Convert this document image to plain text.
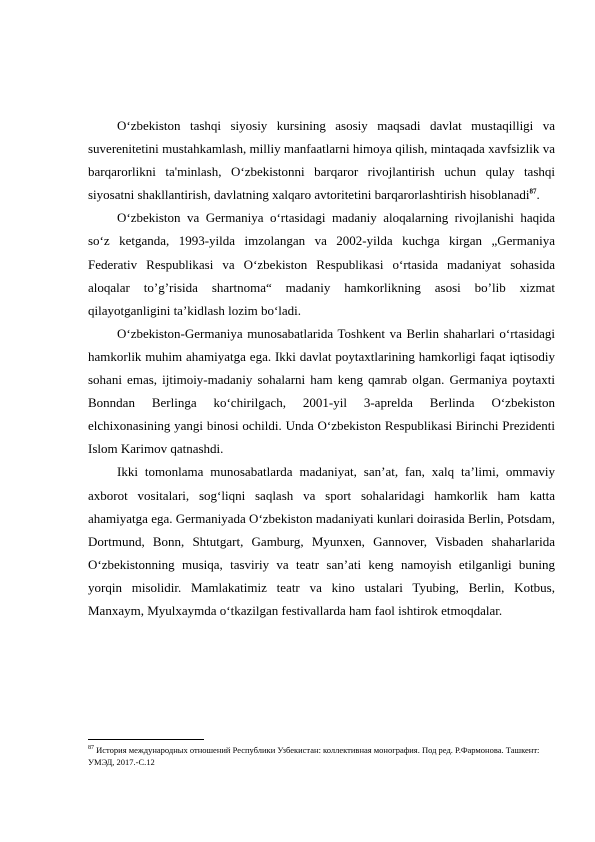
O‘zbekiston tashqi siyosiy kursining asosiy maqsadi davlat mustaqilligi va suverenitetini mustahkamlash, milliy manfaatlarni himoya qilish, mintaqada xavfsizlik va barqarorlikni ta'minlash, O‘zbekistonni barqaror rivojlantirish uchun qulay tashqi siyosatni shakllantirish, davlatning xalqaro avtoritetini barqarorlashtirish hisoblanadi$^{87}$.

O‘zbekiston va Germaniya o‘rtasidagi madaniy aloqalarning rivojlanishi haqida so‘z ketganda, 1993-yilda imzolangan va 2002-yilda kuchga kirgan „Germaniya Federativ Respublikasi va O‘zbekiston Respublikasi o‘rtasida madaniyat sohasida aloqalar to’g’risida shartnoma“ madaniy hamkorlikning asosi bo’lib xizmat qilayotganligini ta’kidlash lozim bo‘ladi.

O‘zbekiston-Germaniya munosabatlarida Toshkent va Berlin shaharlari o‘rtasidagi hamkorlik muhim ahamiyatga ega. Ikki davlat poytaxtlarining hamkorligi faqat iqtisodiy sohani emas, ijtimoiy-madaniy sohalarni ham keng qamrab olgan. Germaniya poytaxti Bonndan Berlinga ko‘chirilgach, 2001-yil 3-aprelda Berlinda O‘zbekiston elchixonasining yangi binosi ochildi. Unda O‘zbekiston Respublikasi Birinchi Prezidenti Islom Karimov qatnashdi.

Ikki tomonlama munosabatlarda madaniyat, san’at, fan, xalq ta’limi, ommaviy axborot vositalari, sog‘liqni saqlash va sport sohalaridagi hamkorlik ham katta ahamiyatga ega. Germaniyada O‘zbekiston madaniyati kunlari doirasida Berlin, Potsdam, Dortmund, Bonn, Shtutgart, Gamburg, Myunxen, Gannover, Visbaden shaharlarida O‘zbekistonning musiqa, tasviriy va teatr san’ati keng namoyish etilganligi buning yorqin misolidir. Mamlakatimiz teatr va kino ustalari Tyubing, Berlin, Kotbus, Manxaym, Myulxaymda o‘tkazilgan festivallarda ham faol ishtirok etmoqdalar.

$^{87}$ История международных отношений Республики Узбекистан: коллективная монография. Под ред. Р.Фармонова. Ташкент: УМЭД, 2017.-С.12
